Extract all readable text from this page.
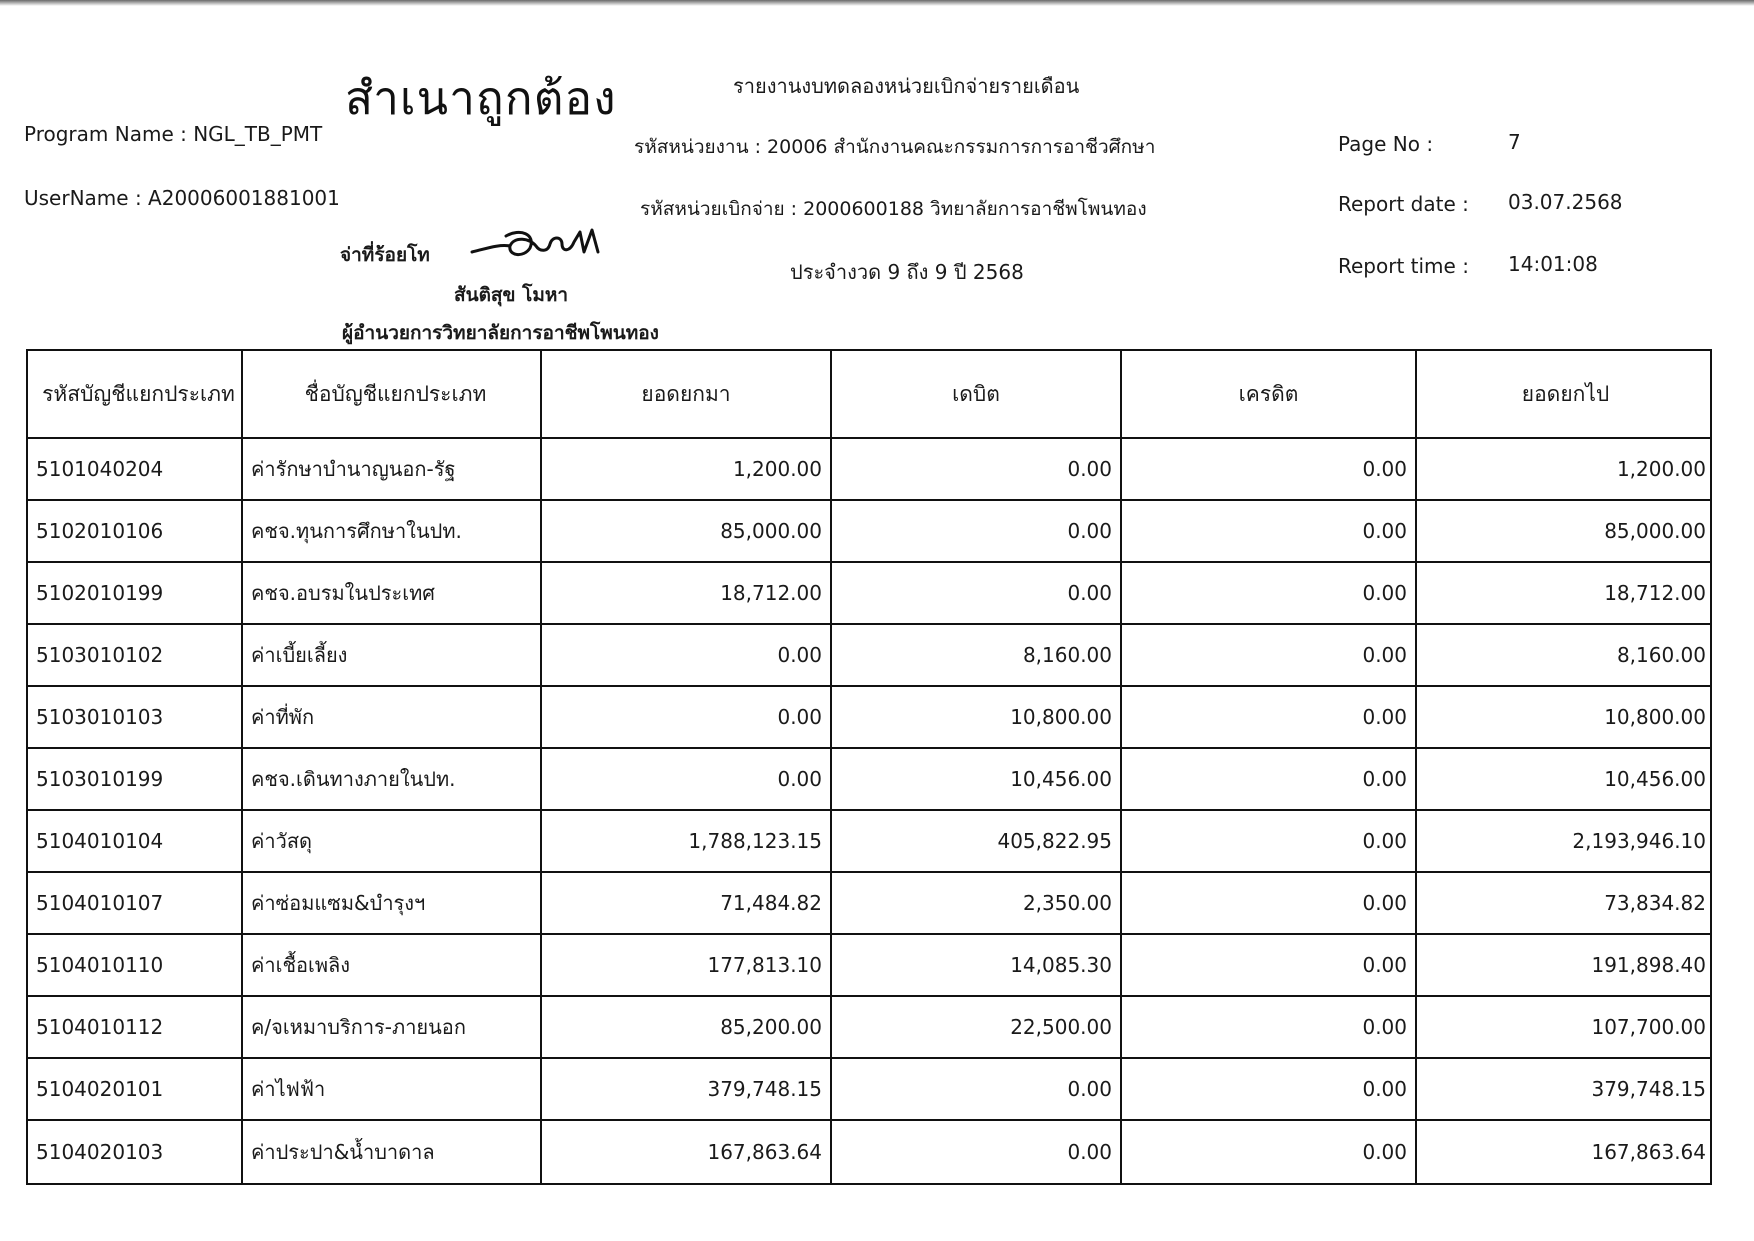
สำเนาถูกต้อง	รายงานงบทดลองหน่วยเบิกจ่ายรายเดือน
Program Name : NGL_TB_PMT
UserName : A20006001881001
รหัสหน่วยงาน : 20006 สำนักงานคณะกรรมการการอาชีวศึกษา
รหัสหน่วยเบิกจ่าย : 2000600188 วิทยาลัยการอาชีพโพนทอง
ประจำงวด 9 ถึง 9 ปี 2568
Page No :	7
Report date : 03.07.2568
Report time : 14:01:08
จ่าที่ร้อยโท
สันติสุข โมหา
ผู้อำนวยการวิทยาลัยการอาชีพโพนทอง
รหัสบัญชีแยกประเภท	ชื่อบัญชีแยกประเภท	ยอดยกมา	เดบิต	เครดิต	ยอดยกไป
5101040204	ค่ารักษาบำนาญนอก-รัฐ	1,200.00	0.00	0.00	1,200.00
5102010106	คชจ.ทุนการศึกษาในปท.	85,000.00	0.00	0.00	85,000.00
5102010199	คชจ.อบรมในประเทศ	18,712.00	0.00	0.00	18,712.00
5103010102	ค่าเบี้ยเลี้ยง	0.00	8,160.00	0.00	8,160.00
5103010103	ค่าที่พัก	0.00	10,800.00	0.00	10,800.00
5103010199	คชจ.เดินทางภายในปท.	0.00	10,456.00	0.00	10,456.00
5104010104	ค่าวัสดุ	1,788,123.15	405,822.95	0.00	2,193,946.10
5104010107	ค่าซ่อมแซม&บำรุงฯ	71,484.82	2,350.00	0.00	73,834.82
5104010110	ค่าเชื้อเพลิง	177,813.10	14,085.30	0.00	191,898.40
5104010112	ค/จเหมาบริการ-ภายนอก	85,200.00	22,500.00	0.00	107,700.00
5104020101	ค่าไฟฟ้า	379,748.15	0.00	0.00	379,748.15
5104020103	ค่าประปา&น้ำบาดาล	167,863.64	0.00	0.00	167,863.64
